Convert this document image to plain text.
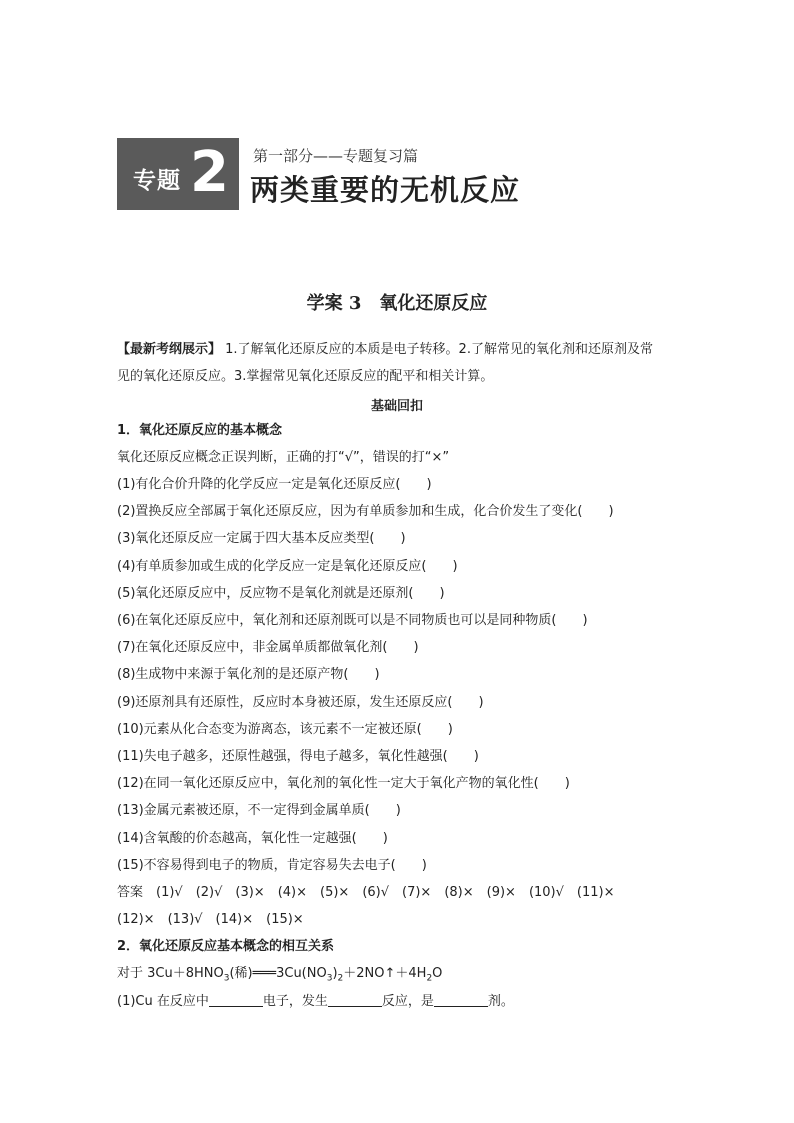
专题 2 第一部分——专题复习篇
两类重要的无机反应
学案 3　氧化还原反应
【最新考纲展示】 1.了解氧化还原反应的本质是电子转移。2.了解常见的氧化剂和还原剂及常
见的氧化还原反应。3.掌握常见氧化还原反应的配平和相关计算。
基础回扣
1．氧化还原反应的基本概念
氧化还原反应概念正误判断，正确的打“√”，错误的打“×”
(1)有化合价升降的化学反应一定是氧化还原反应(　　)
(2)置换反应全部属于氧化还原反应，因为有单质参加和生成，化合价发生了变化(　　)
(3)氧化还原反应一定属于四大基本反应类型(　　)
(4)有单质参加或生成的化学反应一定是氧化还原反应(　　)
(5)氧化还原反应中，反应物不是氧化剂就是还原剂(　　)
(6)在氧化还原反应中，氧化剂和还原剂既可以是不同物质也可以是同种物质(　　)
(7)在氧化还原反应中，非金属单质都做氧化剂(　　)
(8)生成物中来源于氧化剂的是还原产物(　　)
(9)还原剂具有还原性，反应时本身被还原，发生还原反应(　　)
(10)元素从化合态变为游离态，该元素不一定被还原(　　)
(11)失电子越多，还原性越强，得电子越多，氧化性越强(　　)
(12)在同一氧化还原反应中，氧化剂的氧化性一定大于氧化产物的氧化性(　　)
(13)金属元素被还原，不一定得到金属单质(　　)
(14)含氧酸的价态越高，氧化性一定越强(　　)
(15)不容易得到电子的物质，肯定容易失去电子(　　)
答案　(1)√　(2)√　(3)×　(4)×　(5)×　(6)√　(7)×　(8)×　(9)×　(10)√　(11)×
(12)×　(13)√　(14)×　(15)×
2．氧化还原反应基本概念的相互关系
对于 $3Cu+8HNO_3$(稀)$═══3Cu(NO_3)_2+2NO↑+4H_2O$
(1)Cu 在反应中	电子，发生	反应，是	剂。
